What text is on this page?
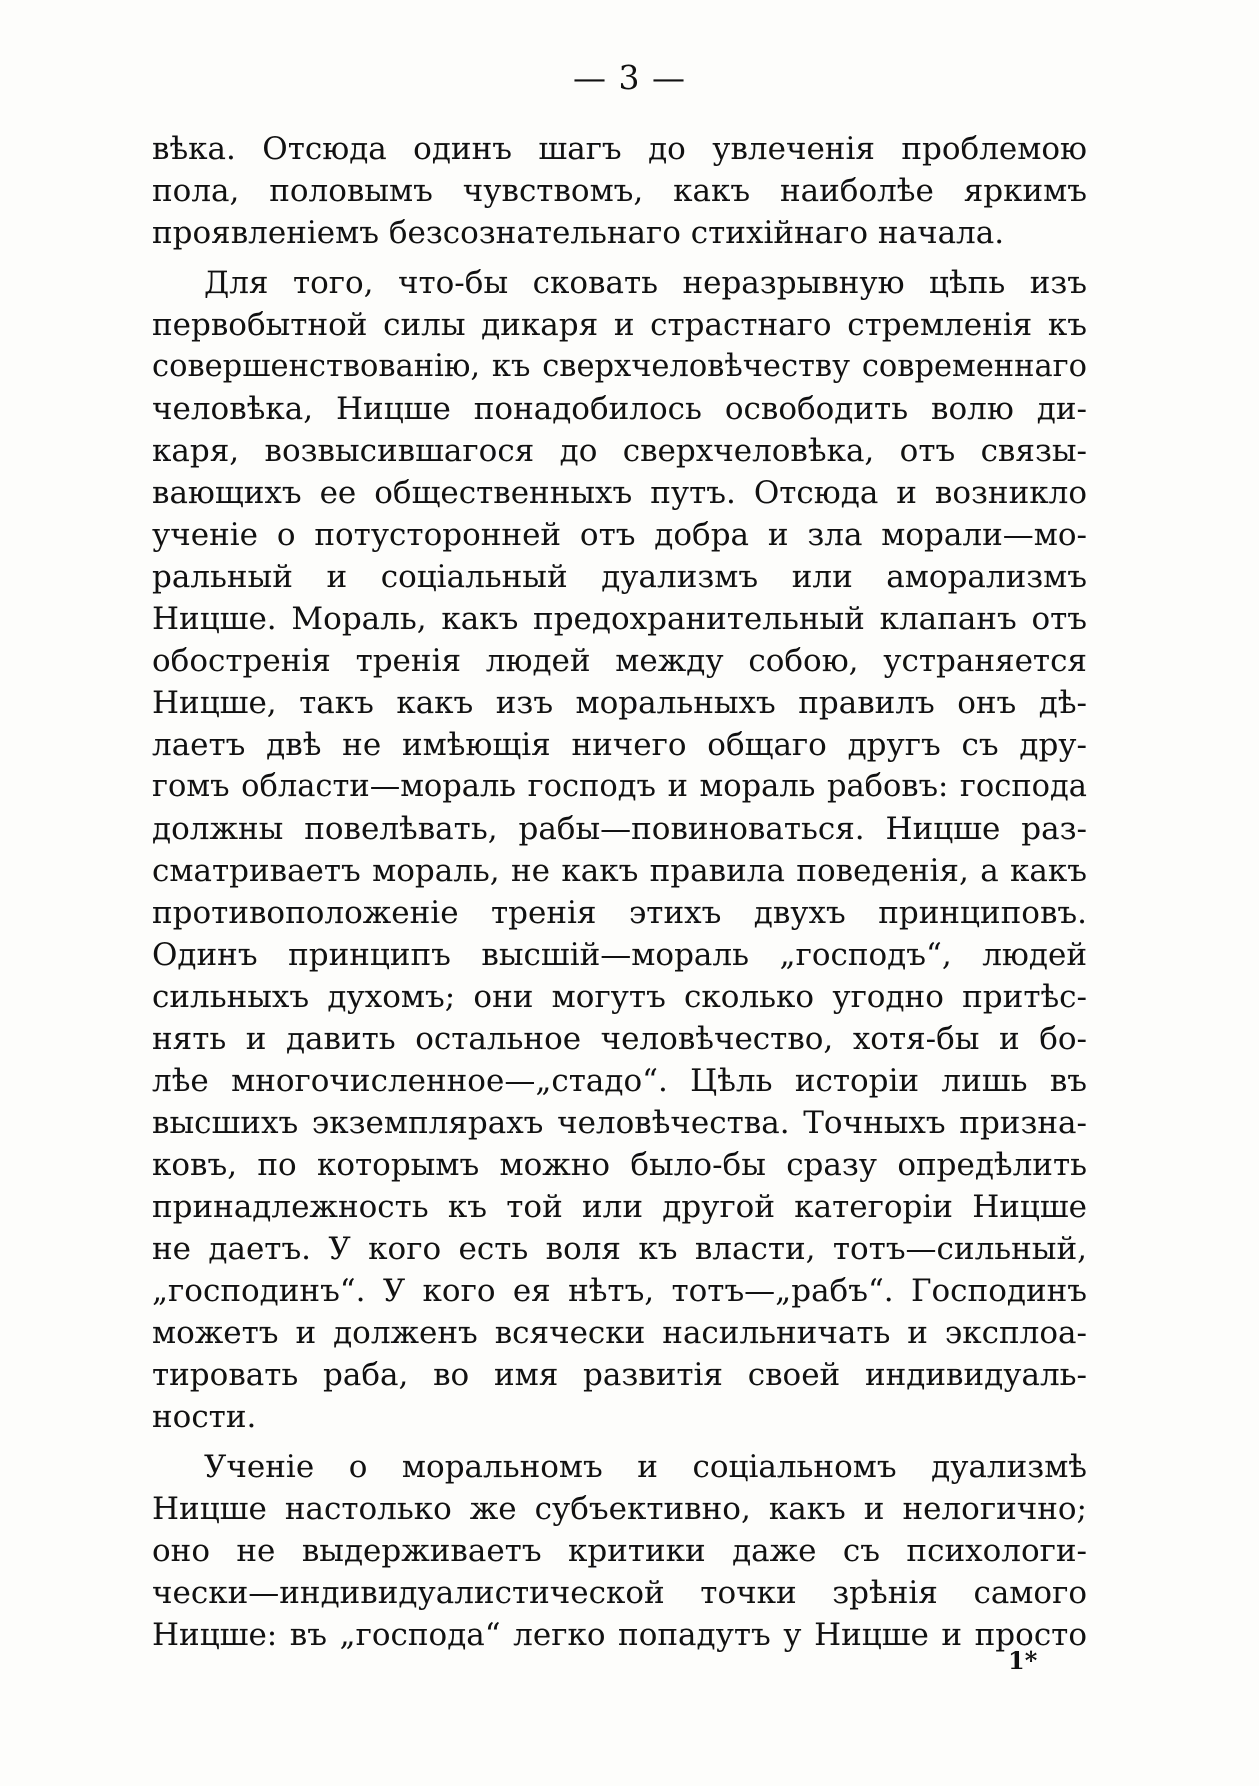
— 3 —
вѣка. Отсюда одинъ шагъ до увлеченія проблемою
пола, половымъ чувствомъ, какъ наиболѣе яркимъ
проявленіемъ безсознательнаго стихійнаго начала.
Для того, что-бы сковать неразрывную цѣпь изъ
первобытной силы дикаря и страстнаго стремленія къ
совершенствованію, къ сверхчеловѣчеству современнаго
человѣка, Ницше понадобилось освободить волю ди-
каря, возвысившагося до сверхчеловѣка, отъ связы-
вающихъ ее общественныхъ путъ. Отсюда и возникло
ученіе о потусторонней отъ добра и зла морали—мо-
ральный и соціальный дуализмъ или аморализмъ
Ницше. Мораль, какъ предохранительный клапанъ отъ
обостренія тренія людей между собою, устраняется
Ницше, такъ какъ изъ моральныхъ правилъ онъ дѣ-
лаетъ двѣ не имѣющія ничего общаго другъ съ дру-
гомъ области—мораль господъ и мораль рабовъ: господа
должны повелѣвать, рабы—повиноваться. Ницше раз-
сматриваетъ мораль, не какъ правила поведенія, а какъ
противоположеніе тренія этихъ двухъ принциповъ.
Одинъ принципъ высшій—мораль „господъ“, людей
сильныхъ духомъ; они могутъ сколько угодно притѣс-
нять и давить остальное человѣчество, хотя-бы и бо-
лѣе многочисленное—„стадо“. Цѣль исторіи лишь въ
высшихъ экземплярахъ человѣчества. Точныхъ призна-
ковъ, по которымъ можно было-бы сразу опредѣлить
принадлежность къ той или другой категоріи Ницше
не даетъ. У кого есть воля къ власти, тотъ—сильный,
„господинъ“. У кого ея нѣтъ, тотъ—„рабъ“. Господинъ
можетъ и долженъ всячески насильничать и эксплоа-
тировать раба, во имя развитія своей индивидуаль-
ности.
Ученіе о моральномъ и соціальномъ дуализмѣ
Ницше настолько же субъективно, какъ и нелогично;
оно не выдерживаетъ критики даже съ психологи-
чески—индивидуалистической точки зрѣнія самого
Ницше: въ „господа“ легко попадутъ у Ницше и просто
1*
